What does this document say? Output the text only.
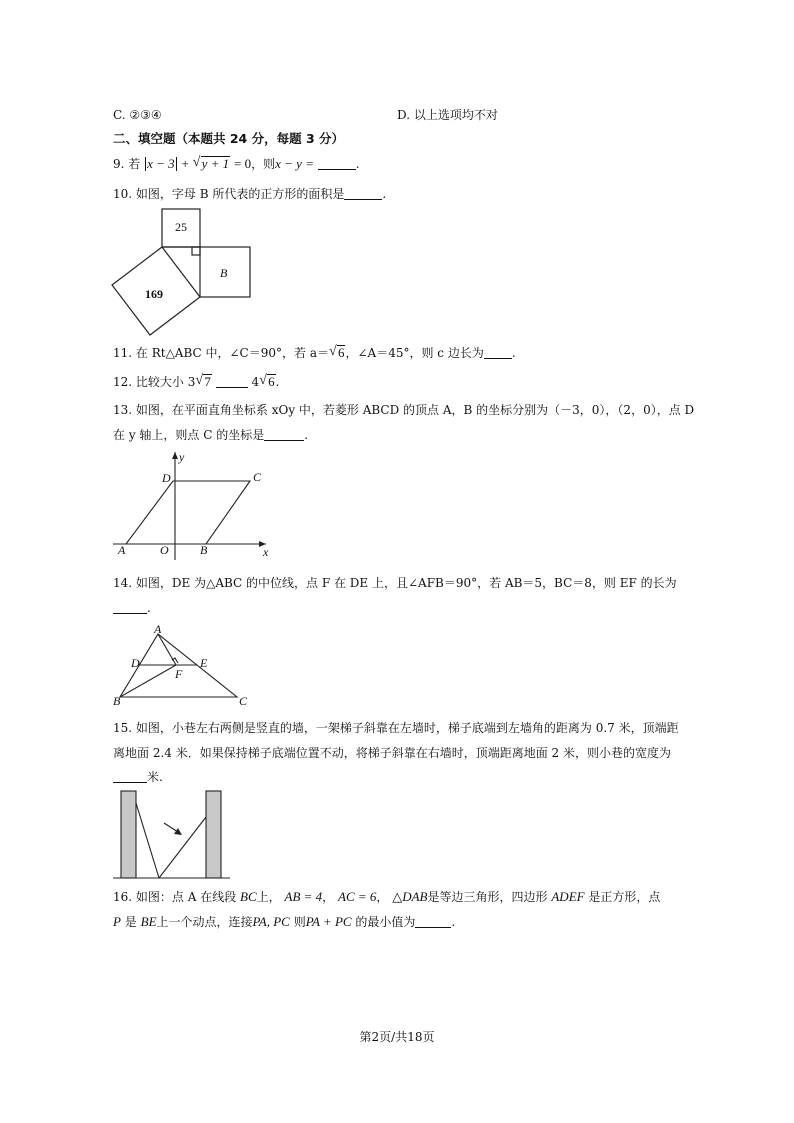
C. ②③④	D. 以上选项均不对
二、填空题（本题共 24 分，每题 3 分）
9. 若 x − 3 + √ y + 1 = 0，则x − y =	.
10. 如图，字母 B 所代表的正方形的面积是	.
25
169
B
11. 在 Rt△ABC 中，∠C＝90°，若 a＝ √ 6，∠A＝45°，则 c 边长为 .
12. 比较大小 3 √ 7	4 √ 6.
13. 如图，在平面直角坐标系 xOy 中，若菱形 ABCD 的顶点 A，B 的坐标分别为（－3，0），（2，0），点 D
在 y 轴上，则点 C 的坐标是	.
y
x
D	C
A	O	B
14. 如图，DE 为△ABC 的中位线，点 F 在 DE 上，且∠AFB＝90°，若 AB＝5，BC＝8，则 EF 的长为
.
A
D	E
F
B	C
15. 如图，小巷左右两侧是竖直的墙，一架梯子斜靠在左墙时，梯子底端到左墙角的距离为 0.7 米，顶端距
离地面 2.4 米．如果保持梯子底端位置不动，将梯子斜靠在右墙时，顶端距离地面 2 米，则小巷的宽度为
米.
16. 如图：点 A 在线段 BC上， AB = 4， AC = 6， △DAB是等边三角形，四边形 ADEF 是正方形，点
P 是 BE上一个动点，连接PA, PC 则PA + PC 的最小值为	.
第2页/共18页
